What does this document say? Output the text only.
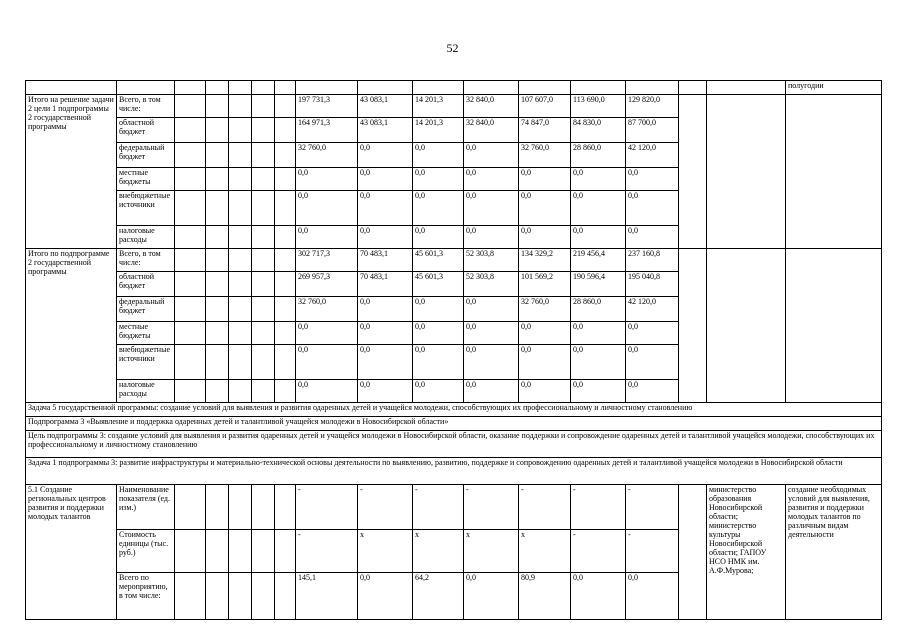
52
																полугодии
Итого на решение задачи 2 цели 1 подпрограммы 2 государственной программы	Всего, в том числе:						197 731,3	43 083,1	14 201,3	32 840,0	107 607,0	113 690,0	129 820,0			
	областной бюджет						164 971,3	43 083,1	14 201,3	32 840,0	74 847,0	84 830,0	87 700,0			
	федеральный бюджет						32 760,0	0,0	0,0	0,0	32 760,0	28 860,0	42 120,0			
	местные бюджеты						0,0	0,0	0,0	0,0	0,0	0,0	0,0			
	внебюджетные источники						0,0	0,0	0,0	0,0	0,0	0,0	0,0			
	налоговые расходы						0,0	0,0	0,0	0,0	0,0	0,0	0,0			
Итого по подпрограмме 2 государственной программы	Всего, в том числе:						302 717,3	70 483,1	45 601,3	52 303,8	134 329,2	219 456,4	237 160,8			
	областной бюджет						269 957,3	70 483,1	45 601,3	52 303,8	101 569,2	190 596,4	195 040,8			
	федеральный бюджет						32 760,0	0,0	0,0	0,0	32 760,0	28 860,0	42 120,0			
	местные бюджеты						0,0	0,0	0,0	0,0	0,0	0,0	0,0			
	внебюджетные источники						0,0	0,0	0,0	0,0	0,0	0,0	0,0			
	налоговые расходы						0,0	0,0	0,0	0,0	0,0	0,0	0,0			
Задача 5 государственной программы: создание условий для выявления и развития одаренных детей и учащейся молодежи, способствующих их профессиональному и личностному становлению																
Подпрограмма 3 «Выявление и поддержка одаренных детей и талантливой учащейся молодежи в Новосибирской области»																
Цель подпрограммы 3: создание условий для выявления и развития одаренных детей и учащейся молодежи в Новосибирской области, оказание поддержки и сопровождение одаренных детей и талантливой учащейся молодежи, способствующих их профессиональному и личностному становлению																
Задача 1 подпрограммы 3: развитие инфраструктуры и материально-технической основы деятельности по выявлению, развитию, поддержке и сопровождению одаренных детей и талантливой учащейся молодежи в Новосибирской области																
5.1 Создание региональных центров развития и поддержки молодых талантов	Наименование показателя (ед. изм.)						-	-	-	-	-	-	-		министерство образования Новосибирской области; министерство культуры Новосибирской области; ГАПОУ НСО НМК им. А.Ф.Мурова;	создание необходимых условий для выявления, развития и поддержки молодых талантов по различным видам деятельности
	Стоимость единицы (тыс. руб.)						-	х	х	х	х	-	-			
	Всего по мероприятию, в том числе:						145,1	0,0	64,2	0,0	80,9	0,0	0,0			
